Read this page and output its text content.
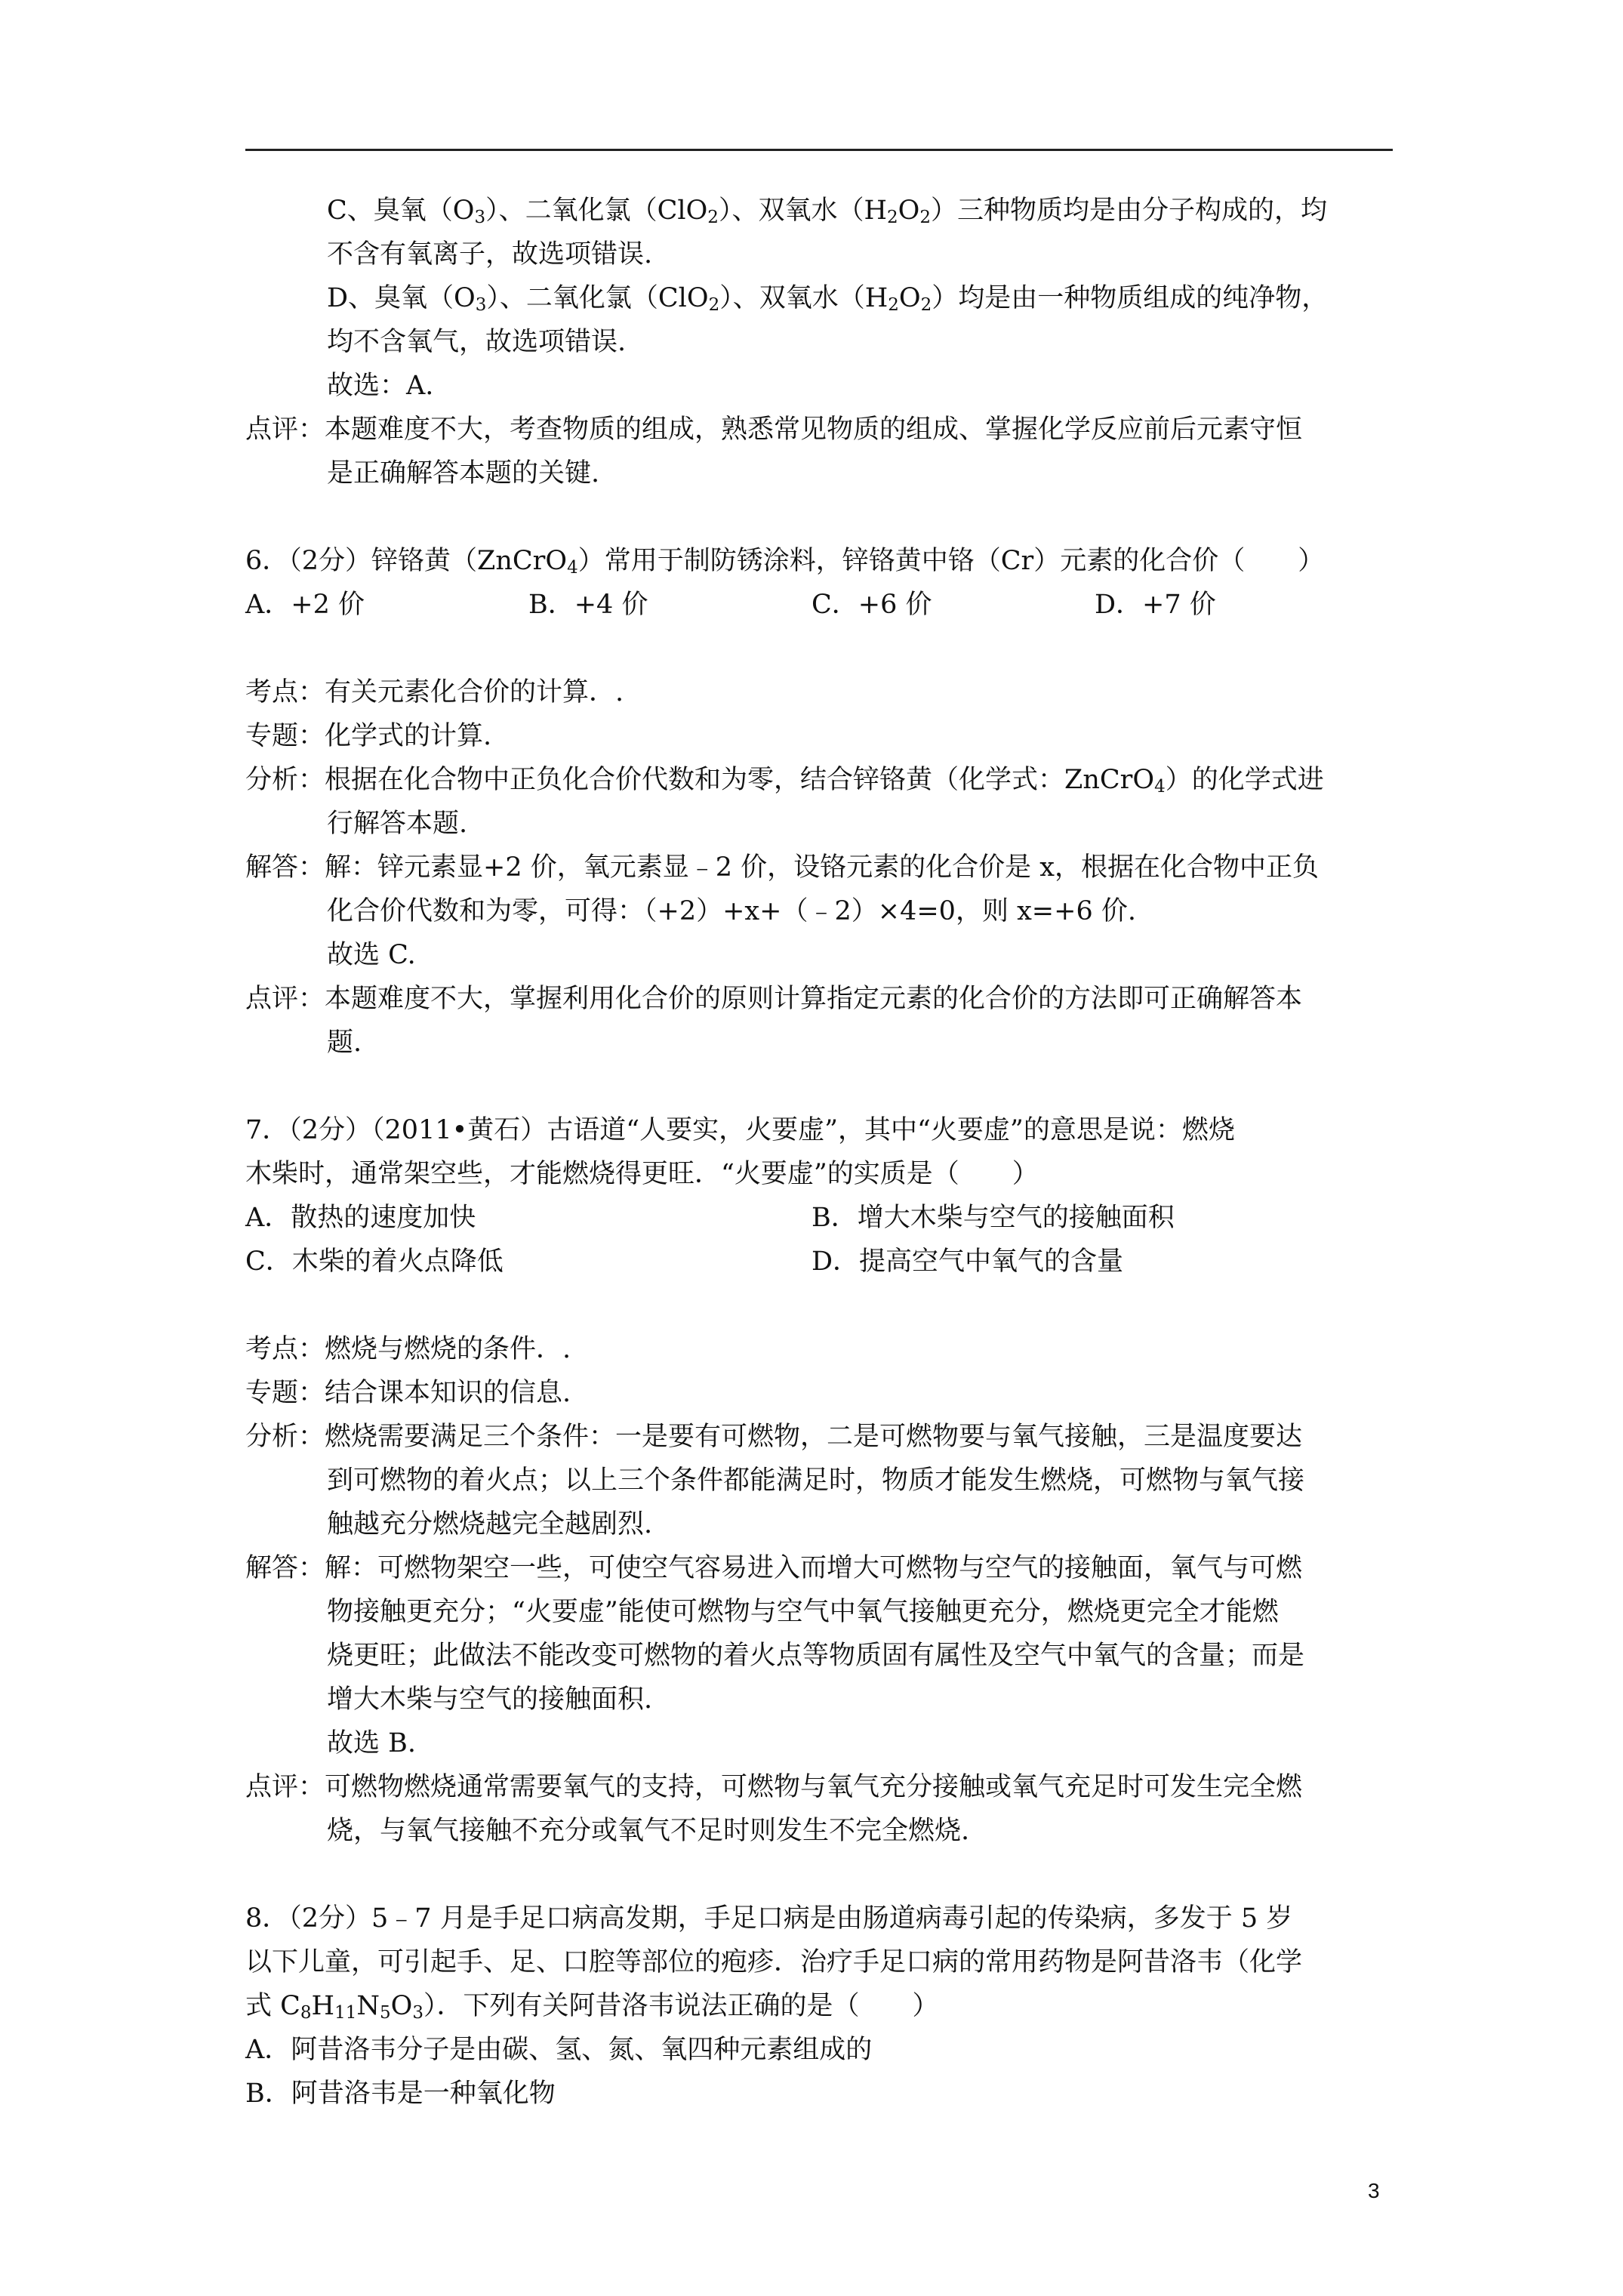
C、臭氧$(O_3)$、二氧化氯（ClO$_2$）、双氧水$(H_2O_2)$三种物质均是由分子构成的，均
不含有氧离子，故选项错误.
D、臭氧$(O_3)$、二氧化氯（ClO$_2$）、双氧水$(H_2O_2)$均是由一种物质组成的纯净物，
均不含氧气，故选项错误.
故选：A.
点评：本题难度不大，考查物质的组成，熟悉常见物质的组成、掌握化学反应前后元素守恒
是正确解答本题的关键.
6．（2分）锌铬黄（ZnCrO$_4$）常用于制防锈涂料，锌铬黄中铬（Cr）元素的化合价（　　）
A．+2 价	B．+4 价	C．+6 价	D．+7 价
考点：有关元素化合价的计算．.
专题：化学式的计算.
分析：根据在化合物中正负化合价代数和为零，结合锌铬黄（化学式：ZnCrO$_4$）的化学式进
行解答本题.
解答：解：锌元素显+2 价，氧元素显﹣2 价，设铬元素的化合价是 x，根据在化合物中正负
化合价代数和为零，可得：（+2）+x+（﹣2）×4=0，则 x=+6 价.
故选 C.
点评：本题难度不大，掌握利用化合价的原则计算指定元素的化合价的方法即可正确解答本
题.
7．（2分）（2011•黄石）古语道“人要实，火要虚”，其中“火要虚”的意思是说：燃烧
木柴时，通常架空些，才能燃烧得更旺．“火要虚”的实质是（　　）
A．散热的速度加快	B．增大木柴与空气的接触面积
C．木柴的着火点降低	D．提高空气中氧气的含量
考点：燃烧与燃烧的条件．.
专题：结合课本知识的信息.
分析：燃烧需要满足三个条件：一是要有可燃物，二是可燃物要与氧气接触，三是温度要达
到可燃物的着火点；以上三个条件都能满足时，物质才能发生燃烧，可燃物与氧气接
触越充分燃烧越完全越剧烈.
解答：解：可燃物架空一些，可使空气容易进入而增大可燃物与空气的接触面，氧气与可燃
物接触更充分；“火要虚”能使可燃物与空气中氧气接触更充分，燃烧更完全才能燃
烧更旺；此做法不能改变可燃物的着火点等物质固有属性及空气中氧气的含量；而是
增大木柴与空气的接触面积.
故选 B.
点评：可燃物燃烧通常需要氧气的支持，可燃物与氧气充分接触或氧气充足时可发生完全燃
烧，与氧气接触不充分或氧气不足时则发生不完全燃烧.
8．（2分）5﹣7 月是手足口病高发期，手足口病是由肠道病毒引起的传染病，多发于 5 岁
以下儿童，可引起手、足、口腔等部位的疱疹．治疗手足口病的常用药物是阿昔洛韦（化学
式 $C_8H_{11}N_5O_3$）．下列有关阿昔洛韦说法正确的是（　　）
A．阿昔洛韦分子是由碳、氢、氮、氧四种元素组成的
B．阿昔洛韦是一种氧化物
3
